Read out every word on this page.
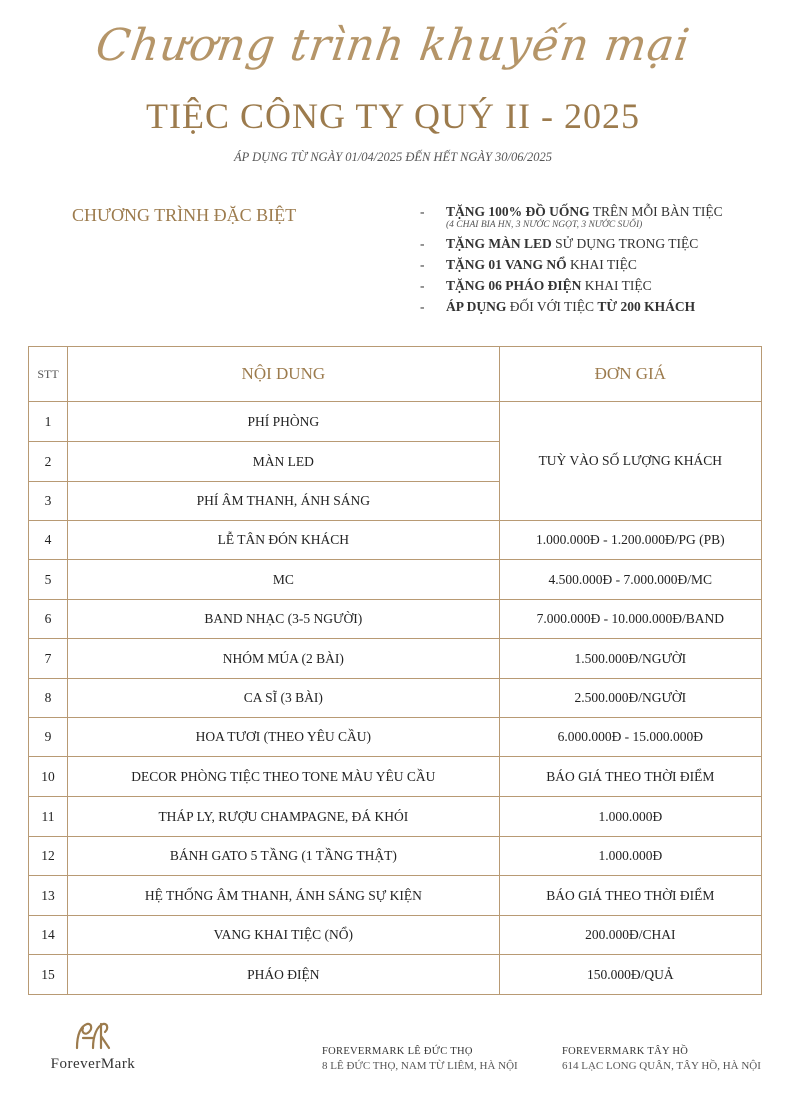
Chương trình khuyến mại
TIỆC CÔNG TY QUÝ II - 2025
ÁP DỤNG TỪ NGÀY 01/04/2025 ĐẾN HẾT NGÀY 30/06/2025
CHƯƠNG TRÌNH ĐẶC BIỆT	- TẶNG 100% ĐỒ UỐNG TRÊN MỖI BÀN TIỆC
(4 CHAI BIA HN, 3 NƯỚC NGỌT, 3 NƯỚC SUỐI)
- TẶNG MÀN LED SỬ DỤNG TRONG TIỆC
- TẶNG 01 VANG NỔ KHAI TIỆC
- TẶNG 06 PHÁO ĐIỆN KHAI TIỆC
- ÁP DỤNG ĐỐI VỚI TIỆC TỪ 200 KHÁCH
STT	NỘI DUNG	ĐƠN GIÁ
1	PHÍ PHÒNG	TUỲ VÀO SỐ LƯỢNG KHÁCH
2	MÀN LED	
3	PHÍ ÂM THANH, ÁNH SÁNG	
4	LỄ TÂN ĐÓN KHÁCH	1.000.000Đ - 1.200.000Đ/PG (PB)
5	MC	4.500.000Đ - 7.000.000Đ/MC
6	BAND NHẠC (3-5 NGƯỜI)	7.000.000Đ - 10.000.000Đ/BAND
7	NHÓM MÚA (2 BÀI)	1.500.000Đ/NGƯỜI
8	CA SĨ (3 BÀI)	2.500.000Đ/NGƯỜI
9	HOA TƯƠI (THEO YÊU CẦU)	6.000.000Đ - 15.000.000Đ
10	DECOR PHÒNG TIỆC THEO TONE MÀU YÊU CẦU	BÁO GIÁ THEO THỜI ĐIỂM
11	THÁP LY, RƯỢU CHAMPAGNE, ĐÁ KHÓI	1.000.000Đ
12	BÁNH GATO 5 TẦNG (1 TẦNG THẬT)	1.000.000Đ
13	HỆ THỐNG ÂM THANH, ÁNH SÁNG SỰ KIỆN	BÁO GIÁ THEO THỜI ĐIỂM
14	VANG KHAI TIỆC (NỔ)	200.000Đ/CHAI
15	PHÁO ĐIỆN	150.000Đ/QUẢ
ForeverMark
FOREVERMARK LÊ ĐỨC THỌ
8 LÊ ĐỨC THỌ, NAM TỪ LIÊM, HÀ NỘI
FOREVERMARK TÂY HỒ
614 LẠC LONG QUÂN, TÂY HỒ, HÀ NỘI
